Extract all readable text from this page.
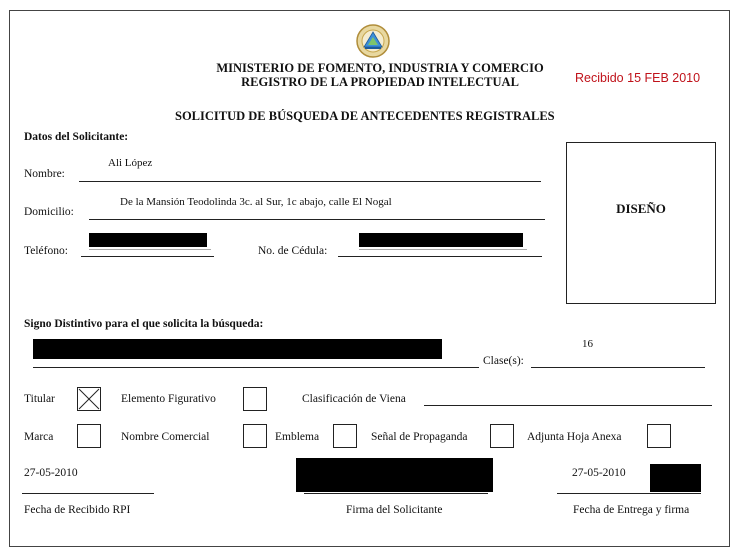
MINISTERIO DE FOMENTO, INDUSTRIA Y COMERCIO
REGISTRO DE LA PROPIEDAD INTELECTUAL	Recibido 15 FEB 2010
SOLICITUD DE BÚSQUEDA DE ANTECEDENTES REGISTRALES
Datos del Solicitante:
Nombre:
Ali López
Domicilio:
De la Mansión Teodolinda 3c. al Sur, 1c abajo, calle El Nogal
Teléfono:	No. de Cédula:
DISEÑO
Signo Distintivo para el que solicita la búsqueda:
Clase(s):
16
Titular	Elemento Figurativo	Clasificación de Viena
Marca	Nombre Comercial	Emblema	Señal de Propaganda	Adjunta Hoja Anexa
27-05-2010
Fecha de Recibido RPI	Firma del Solicitante
27-05-2010
Fecha de Entrega y firma
